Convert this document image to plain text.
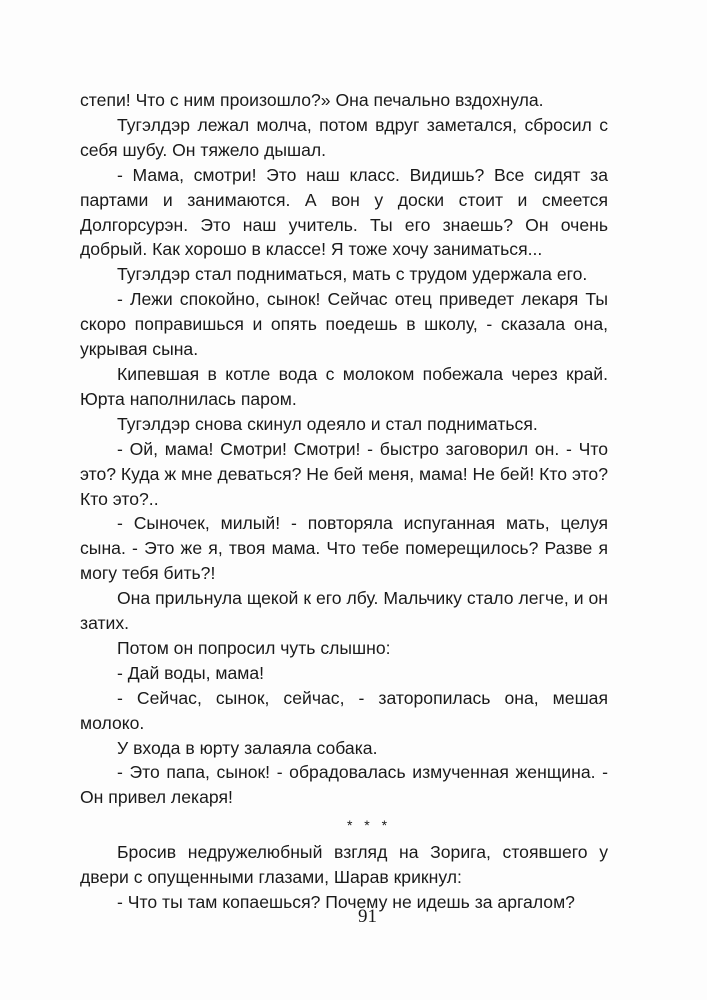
степи! Что с ним произошло?» Она печально вздохнула.

Тугэлдэр лежал молча, потом вдруг заметался, сбросил с себя шубу. Он тяжело дышал.

- Мама, смотри! Это наш класс. Видишь? Все сидят за партами и занимаются. А вон у доски стоит и смеется Долгорсурэн. Это наш учитель. Ты его знаешь? Он очень добрый. Как хорошо в классе! Я тоже хочу заниматься...

Тугэлдэр стал подниматься, мать с трудом удержала его.

- Лежи спокойно, сынок! Сейчас отец приведет лекаря Ты скоро поправишься и опять поедешь в школу, - сказала она, укрывая сына.

Кипевшая в котле вода с молоком побежала через край. Юрта наполнилась паром.

Тугэлдэр снова скинул одеяло и стал подниматься.

- Ой, мама! Смотри! Смотри! - быстро заговорил он. - Что это? Куда ж мне деваться? Не бей меня, мама! Не бей! Кто это? Кто это?..

- Сыночек, милый! - повторяла испуганная мать, целуя сына. - Это же я, твоя мама. Что тебе померещилось? Разве я могу тебя бить?!

Она прильнула щекой к его лбу. Мальчику стало легче, и он затих.

Потом он попросил чуть слышно:

- Дай воды, мама!

- Сейчас, сынок, сейчас, - заторопилась она, мешая молоко.

У входа в юрту залаяла собака.

- Это папа, сынок! - обрадовалась измученная женщина. - Он привел лекаря!

* * *

Бросив недружелюбный взгляд на Зорига, стоявшего у двери с опущенными глазами, Шарав крикнул:

- Что ты там копаешься? Почему не идешь за аргалом?

91
